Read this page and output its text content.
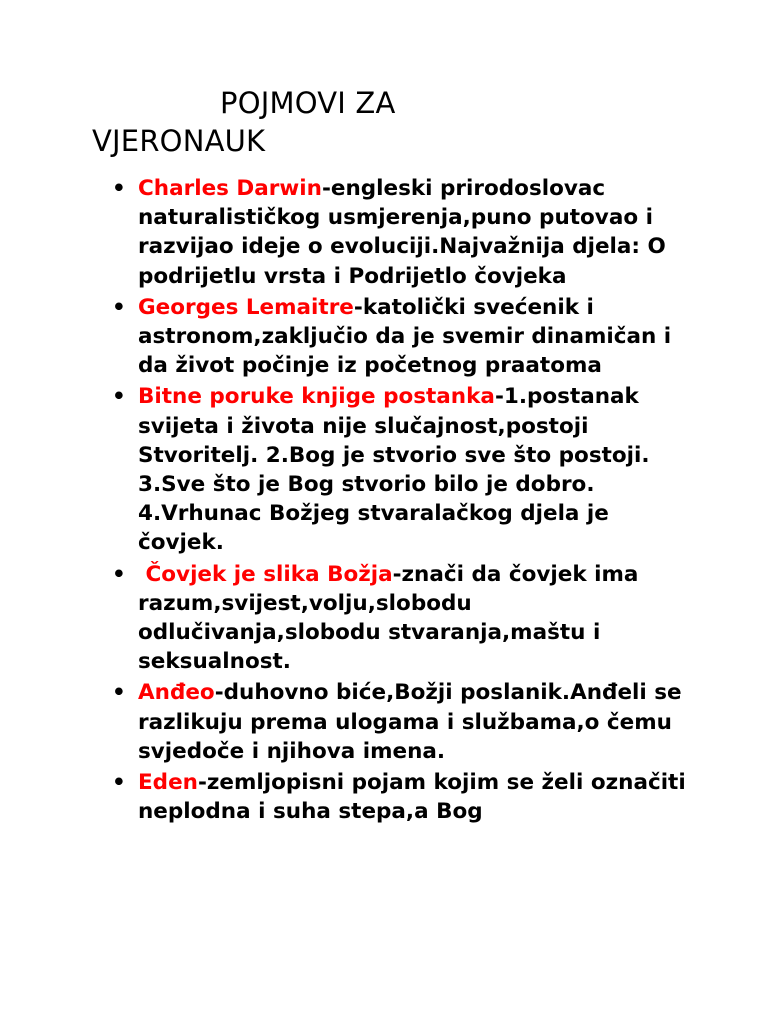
POJMOVI ZA
VJERONAUK
• Charles Darwin-engleski prirodoslovac naturalističkog usmjerenja,puno putovao i razvijao ideje o evoluciji.Najvažnija djela: O podrijetlu vrsta i Podrijetlo čovjeka
• Georges Lemaitre-katolički svećenik i astronom,zaključio da je svemir dinamičan i da život počinje iz početnog praatoma
• Bitne poruke knjige postanka-1.postanak svijeta i života nije slučajnost,postoji Stvoritelj. 2.Bog je stvorio sve što postoji. 3.Sve što je Bog stvorio bilo je dobro. 4.Vrhunac Božjeg stvaralačkog djela je čovjek.
• Čovjek je slika Božja-znači da čovjek ima razum,svijest,volju,slobodu odlučivanja,slobodu stvaranja,maštu i seksualnost.
• Anđeo-duhovno biće,Božji poslanik.Anđeli se razlikuju prema ulogama i službama,o čemu svjedoče i njihova imena.
• Eden-zemljopisni pojam kojim se želi označiti neplodna i suha stepa,a Bog
